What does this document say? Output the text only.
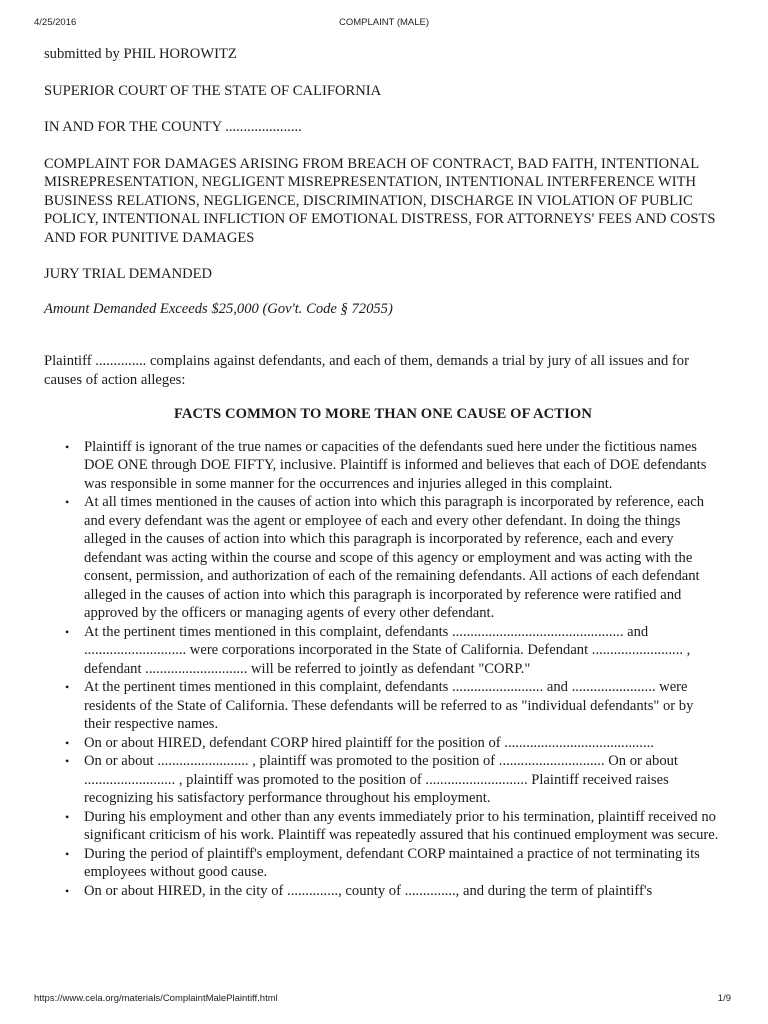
4/25/2016	COMPLAINT (MALE)

submitted by PHIL HOROWITZ

SUPERIOR COURT OF THE STATE OF CALIFORNIA

IN AND FOR THE COUNTY .....................

COMPLAINT FOR DAMAGES ARISING FROM BREACH OF CONTRACT, BAD FAITH, INTENTIONAL MISREPRESENTATION, NEGLIGENT MISREPRESENTATION, INTENTIONAL INTERFERENCE WITH BUSINESS RELATIONS, NEGLIGENCE, DISCRIMINATION, DISCHARGE IN VIOLATION OF PUBLIC POLICY, INTENTIONAL INFLICTION OF EMOTIONAL DISTRESS, FOR ATTORNEYS' FEES AND COSTS AND FOR PUNITIVE DAMAGES

JURY TRIAL DEMANDED

Amount Demanded Exceeds $25,000 (Gov't. Code § 72055)

Plaintiff .............. complains against defendants, and each of them, demands a trial by jury of all issues and for causes of action alleges:

FACTS COMMON TO MORE THAN ONE CAUSE OF ACTION

• Plaintiff is ignorant of the true names or capacities of the defendants sued here under the fictitious names DOE ONE through DOE FIFTY, inclusive. Plaintiff is informed and believes that each of DOE defendants was responsible in some manner for the occurrences and injuries alleged in this complaint.
• At all times mentioned in the causes of action into which this paragraph is incorporated by reference, each and every defendant was the agent or employee of each and every other defendant. In doing the things alleged in the causes of action into which this paragraph is incorporated by reference, each and every defendant was acting within the course and scope of this agency or employment and was acting with the consent, permission, and authorization of each of the remaining defendants. All actions of each defendant alleged in the causes of action into which this paragraph is incorporated by reference were ratified and approved by the officers or managing agents of every other defendant.
• At the pertinent times mentioned in this complaint, defendants ............................................... and ............................ were corporations incorporated in the State of California. Defendant ......................... , defendant ............................ will be referred to jointly as defendant "CORP."
• At the pertinent times mentioned in this complaint, defendants ......................... and ....................... were residents of the State of California. These defendants will be referred to as "individual defendants" or by their respective names.
• On or about HIRED, defendant CORP hired plaintiff for the position of .........................................
• On or about ......................... , plaintiff was promoted to the position of ............................. On or about ......................... , plaintiff was promoted to the position of ............................ Plaintiff received raises recognizing his satisfactory performance throughout his employment.
• During his employment and other than any events immediately prior to his termination, plaintiff received no significant criticism of his work. Plaintiff was repeatedly assured that his continued employment was secure.
• During the period of plaintiff's employment, defendant CORP maintained a practice of not terminating its employees without good cause.
• On or about HIRED, in the city of .............., county of .............., and during the term of plaintiff's
https://www.cela.org/materials/ComplaintMalePlaintiff.html	1/9
